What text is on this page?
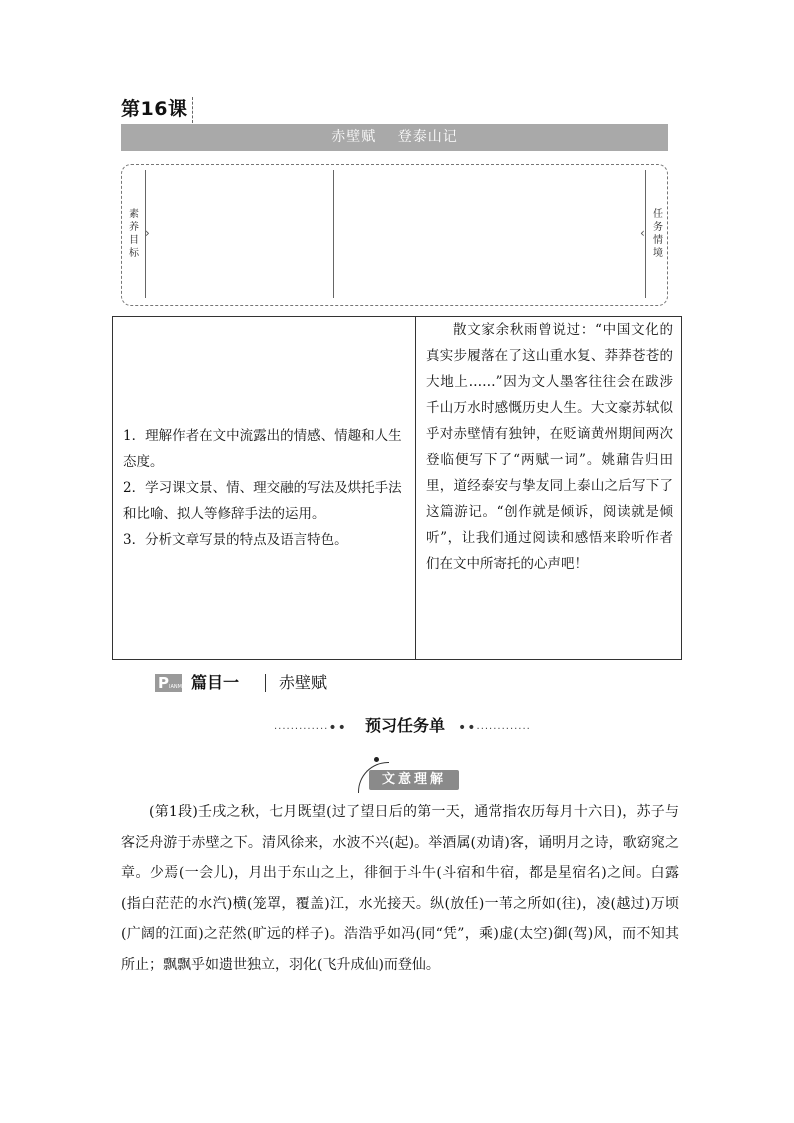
第16课
赤壁赋 登泰山记
›	‹
素养目标
任务情境

1．理解作者在文中流露出的情感、情趣和人生态度。

2．学习课文景、情、理交融的写法及烘托手法和比喻、拟人等修辞手法的运用。

3．分析文章写景的特点及语言特色。

散文家余秋雨曾说过：“中国文化的真实步履落在了这山重水复、莽莽苍苍的大地上……”因为文人墨客往往会在跋涉千山万水时感慨历史人生。大文豪苏轼似乎对赤壁情有独钟，在贬谪黄州期间两次登临便写下了“两赋一词”。姚鼐告归田里，道经泰安与挚友同上泰山之后写下了这篇游记。“创作就是倾诉，阅读就是倾听”，让我们通过阅读和感悟来聆听作者们在文中所寄托的心声吧！

PIANMU 篇目一 赤壁赋
·············•• 预习任务单 ••·············
文意理解

(第1段)壬戌之秋，七月既望(过了望日后的第一天，通常指农历每月十六日)，苏子与客泛舟游于赤壁之下。清风徐来，水波不兴(起)。举酒属(劝请)客，诵明月之诗，歌窈窕之章。少焉(一会儿)，月出于东山之上，徘徊于斗牛(斗宿和牛宿，都是星宿名)之间。白露(指白茫茫的水汽)横(笼罩，覆盖)江，水光接天。纵(放任)一苇之所如(往)，凌(越过)万顷(广阔的江面)之茫然(旷远的样子)。浩浩乎如冯(同“凭”，乘)虚(太空)御(驾)风，而不知其所止；飘飘乎如遗世独立，羽化(飞升成仙)而登仙。
